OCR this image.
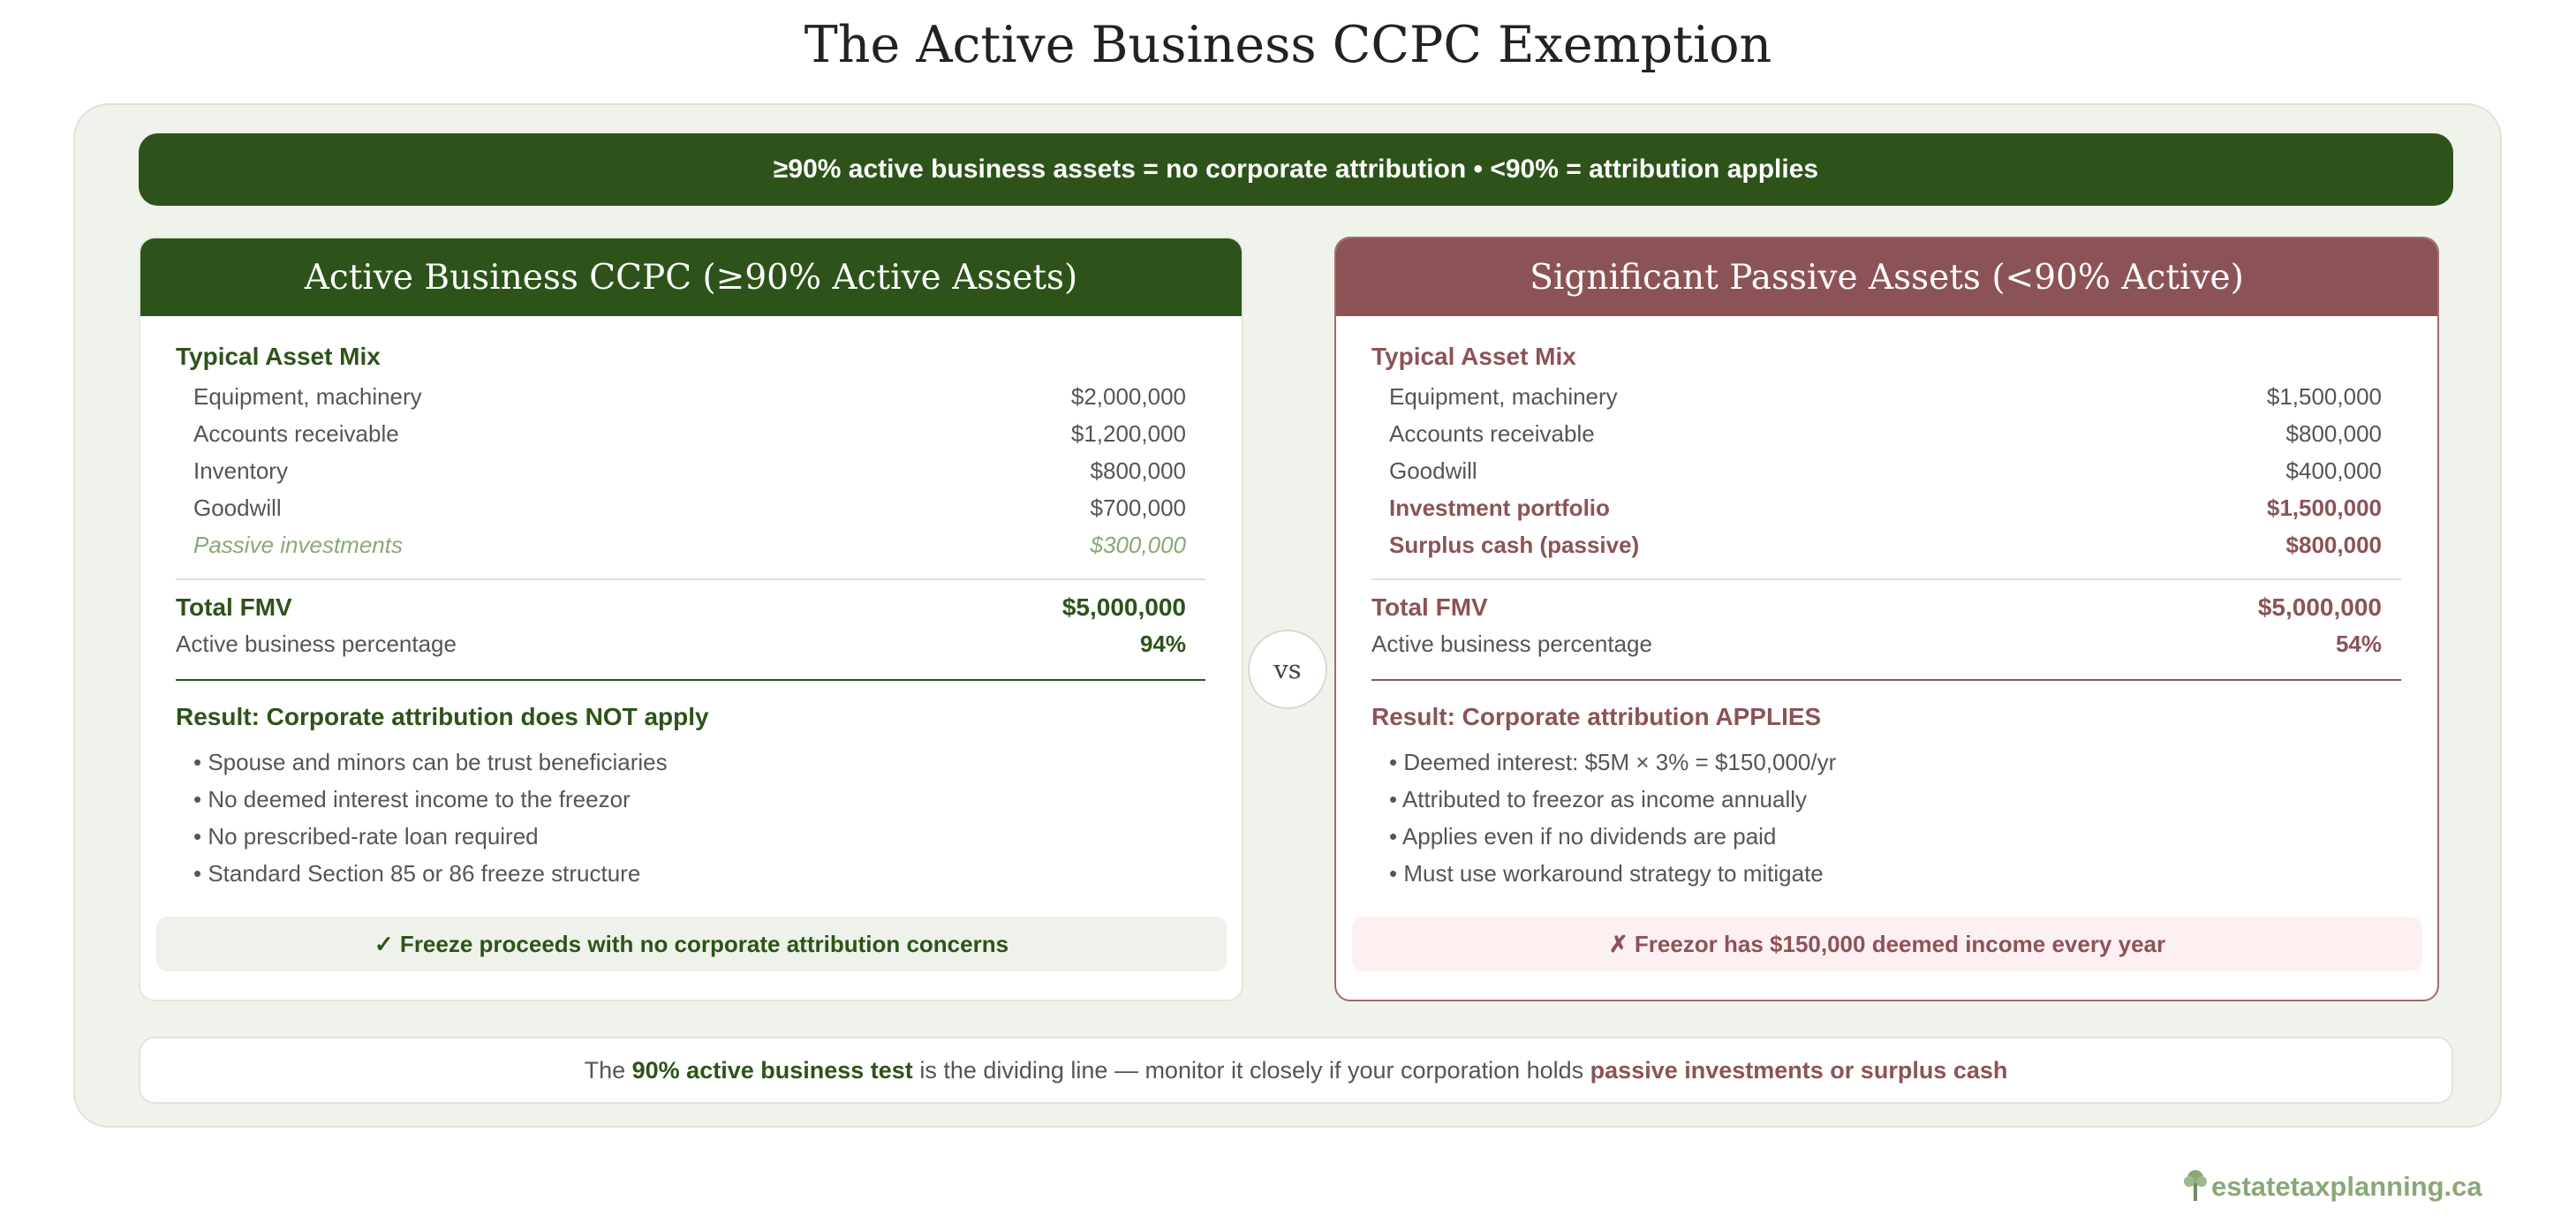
The Active Business CCPC Exemption
≥90% active business assets = no corporate attribution • <90% = attribution applies
Active Business CCPC (≥90% Active Assets)
Typical Asset Mix
Equipment, machinery	$2,000,000
Accounts receivable	$1,200,000
Inventory	$800,000
Goodwill	$700,000
Passive investments	$300,000
Total FMV	$5,000,000
Active business percentage	94%
Result: Corporate attribution does NOT apply
• Spouse and minors can be trust beneficiaries
• No deemed interest income to the freezor
• No prescribed-rate loan required
• Standard Section 85 or 86 freeze structure
✓ Freeze proceeds with no corporate attribution concerns
vs
Significant Passive Assets (<90% Active)
Typical Asset Mix
Equipment, machinery	$1,500,000
Accounts receivable	$800,000
Goodwill	$400,000
Investment portfolio	$1,500,000
Surplus cash (passive)	$800,000
Total FMV	$5,000,000
Active business percentage	54%
Result: Corporate attribution APPLIES
• Deemed interest: $5M × 3% = $150,000/yr
• Attributed to freezor as income annually
• Applies even if no dividends are paid
• Must use workaround strategy to mitigate
✗ Freezor has $150,000 deemed income every year
The 90% active business test is the dividing line — monitor it closely if your corporation holds passive investments or surplus cash
estatetaxplanning.ca
